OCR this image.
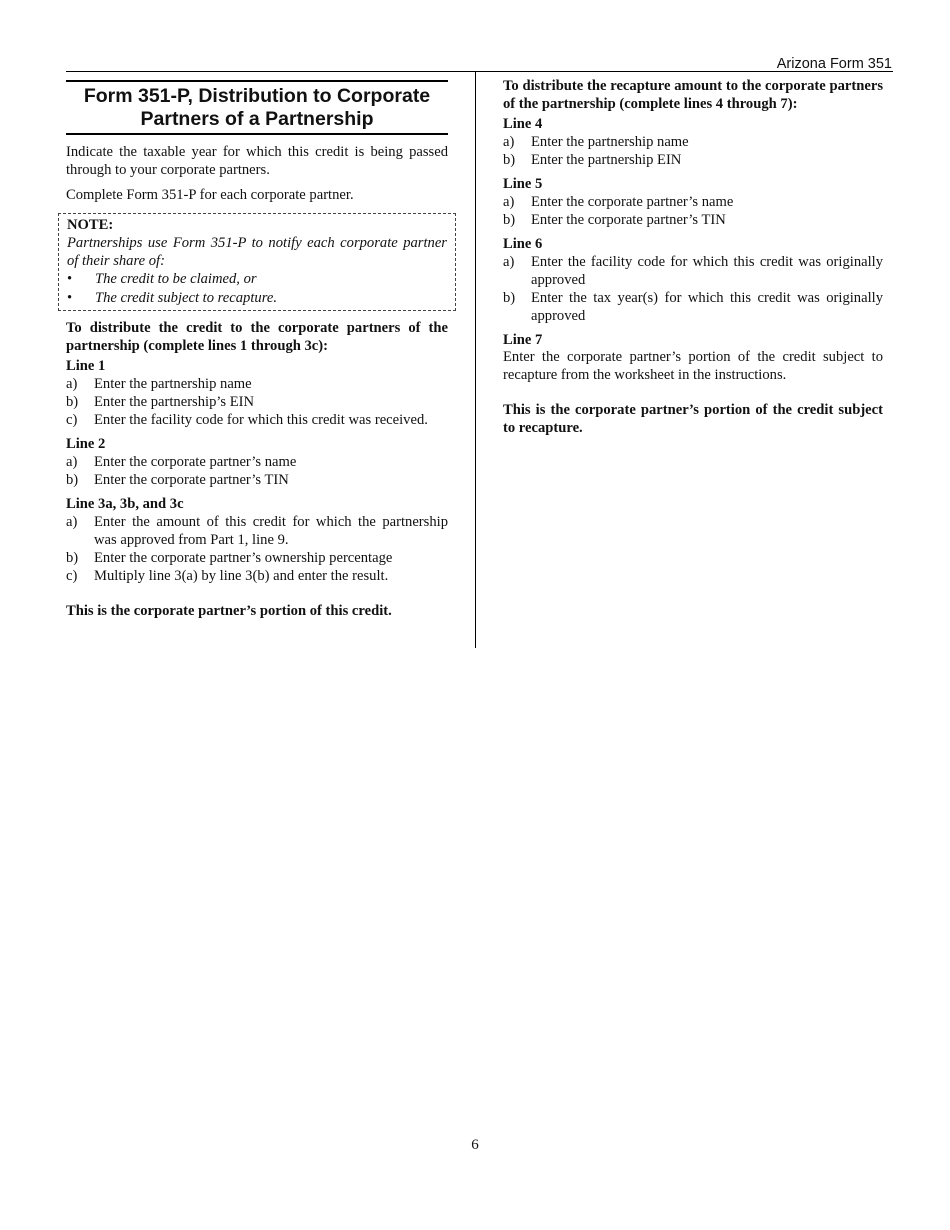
Arizona Form 351
Form 351-P, Distribution to Corporate Partners of a Partnership

Indicate the taxable year for which this credit is being passed through to your corporate partners.

Complete Form 351-P for each corporate partner.

NOTE:

Partnerships use Form 351-P to notify each corporate partner of their share of:

•	The credit to be claimed, or
•	The credit subject to recapture.
To distribute the credit to the corporate partners of the partnership (complete lines 1 through 3c):
Line 1
a)	Enter the partnership name
b)	Enter the partnership’s EIN
c)	Enter the facility code for which this credit was received.
Line 2
a)	Enter the corporate partner’s name
b)	Enter the corporate partner’s TIN
Line 3a, 3b, and 3c
a)	Enter the amount of this credit for which the partnership was approved from Part 1, line 9.
b)	Enter the corporate partner’s ownership percentage
c)	Multiply line 3(a) by line 3(b) and enter the result.
This is the corporate partner’s portion of this credit.
To distribute the recapture amount to the corporate partners of the partnership (complete lines 4 through 7):
Line 4
a)	Enter the partnership name
b)	Enter the partnership EIN
Line 5
a)	Enter the corporate partner’s name
b)	Enter the corporate partner’s TIN
Line 6
a)	Enter the facility code for which this credit was originally approved
b)	Enter the tax year(s) for which this credit was originally approved
Line 7

Enter the corporate partner’s portion of the credit subject to recapture from the worksheet in the instructions.

This is the corporate partner’s portion of the credit subject to recapture.
6
